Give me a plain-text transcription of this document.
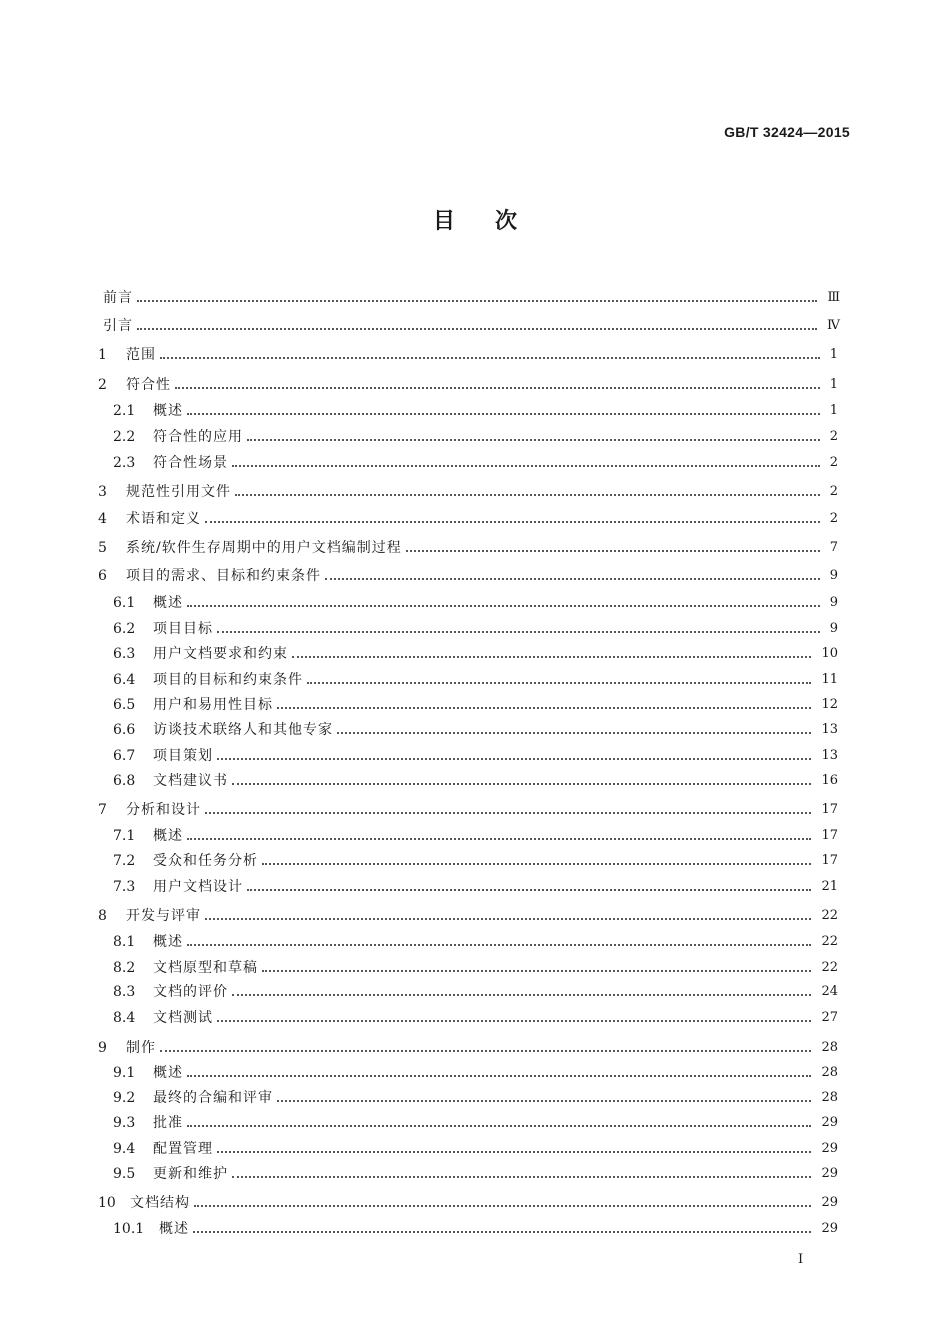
GB/T 32424—2015
目次
前言	Ⅲ
引言	Ⅳ
1	范围	1
2	符合性	1
2.1	概述	1
2.2	符合性的应用	2
2.3	符合性场景	2
3	规范性引用文件	2
4	术语和定义	2
5	系统/软件生存周期中的用户文档编制过程	7
6	项目的需求、目标和约束条件	9
6.1	概述	9
6.2	项目目标	9
6.3	用户文档要求和约束	10
6.4	项目的目标和约束条件	11
6.5	用户和易用性目标	12
6.6	访谈技术联络人和其他专家	13
6.7	项目策划	13
6.8	文档建议书	16
7	分析和设计	17
7.1	概述	17
7.2	受众和任务分析	17
7.3	用户文档设计	21
8	开发与评审	22
8.1	概述	22
8.2	文档原型和草稿	22
8.3	文档的评价	24
8.4	文档测试	27
9	制作	28
9.1	概述	28
9.2	最终的合编和评审	28
9.3	批准	29
9.4	配置管理	29
9.5	更新和维护	29
10 文档结构	29
10.1	概述	29
Ⅰ
